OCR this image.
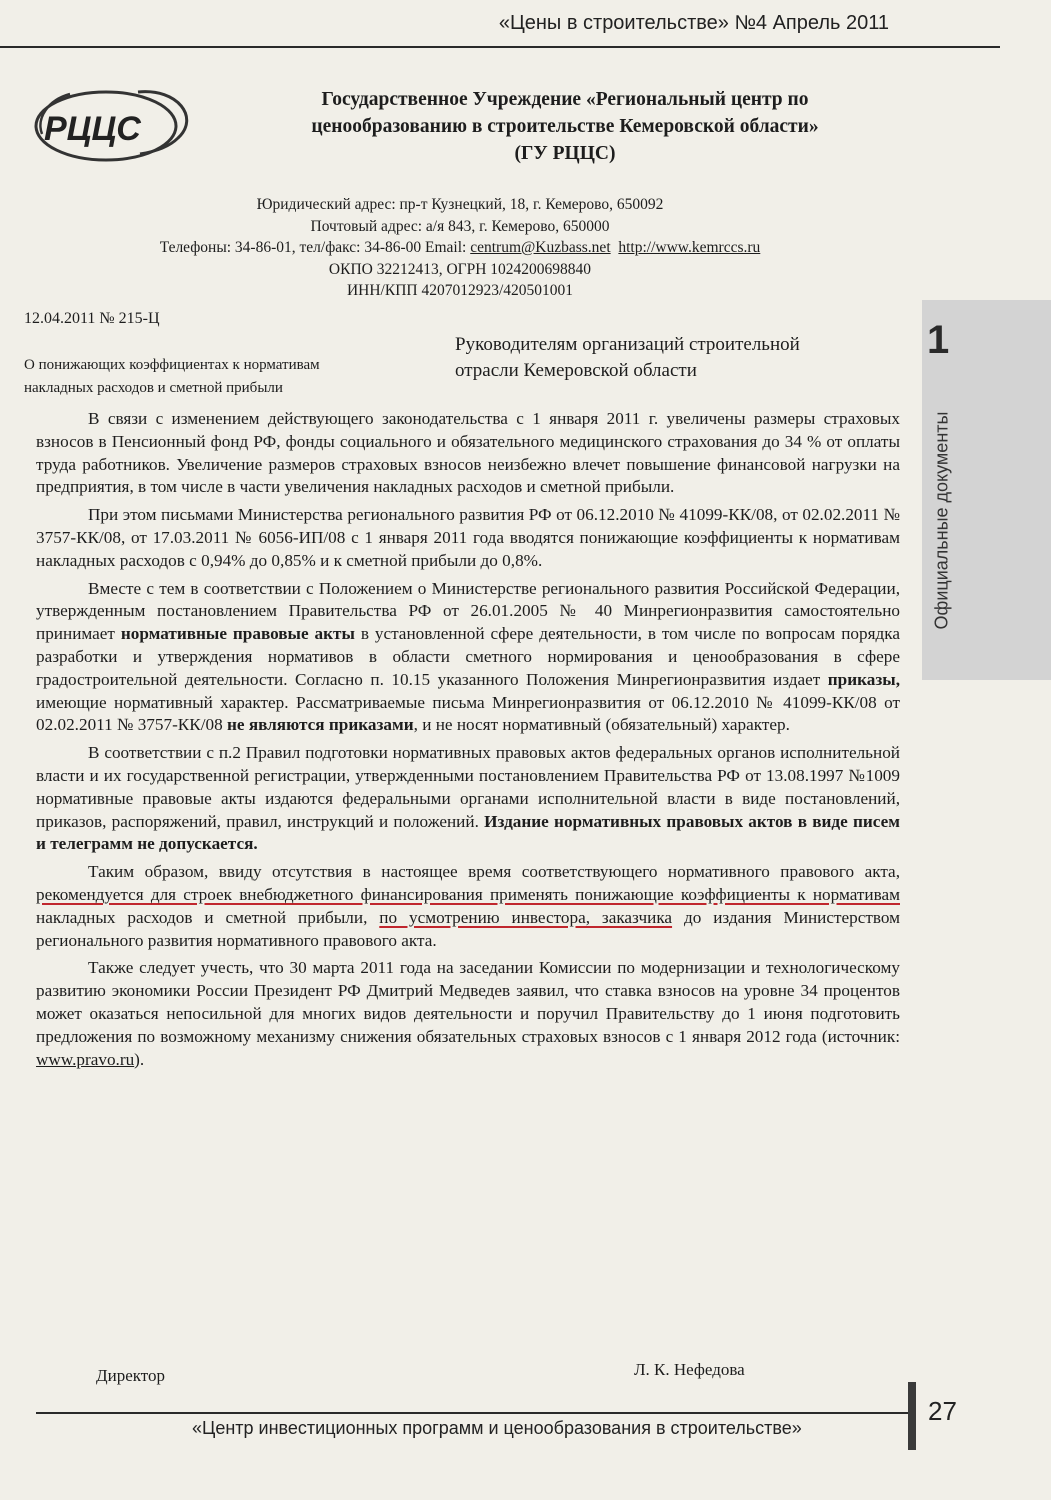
«Цены в строительстве» №4 Апрель 2011
РЦЦС
Государственное Учреждение «Региональный центр по
ценообразованию в строительстве Кемеровской области»
(ГУ РЦЦС)
Юридический адрес: пр-т Кузнецкий, 18, г. Кемерово, 650092
Почтовый адрес: а/я 843, г. Кемерово, 650000
Телефоны: 34-86-01, тел/факс: 34-86-00 Email: centrum@Kuzbass.net http://www.kemrccs.ru
ОКПО 32212413, ОГРН 1024200698840
ИНН/КПП 4207012923/420501001
12.04.2011 № 215-Ц
О понижающих коэффициентах к нормативам
накладных расходов и сметной прибыли
Руководителям организаций строительной
отрасли Кемеровской области
1
Официальные документы

В связи с изменением действующего законодательства с 1 января 2011 г. увеличены размеры страховых взносов в Пенсионный фонд РФ, фонды социального и обязательного медицинского страхования до 34 % от оплаты труда работников. Увеличение размеров страховых взносов неизбежно влечет повышение финансовой нагрузки на предприятия, в том числе в части увеличения накладных расходов и сметной прибыли.

При этом письмами Министерства регионального развития РФ от 06.12.2010 № 41099-КК/08, от 02.02.2011 № 3757-КК/08, от 17.03.2011 № 6056-ИП/08 с 1 января 2011 года вводятся понижающие коэффициенты к нормативам накладных расходов с 0,94% до 0,85% и к сметной прибыли до 0,8%.

Вместе с тем в соответствии с Положением о Министерстве регионального развития Российской Федерации, утвержденным постановлением Правительства РФ от 26.01.2005 № 40 Минрегионразвития самостоятельно принимает нормативные правовые акты в установленной сфере деятельности, в том числе по вопросам порядка разработки и утверждения нормативов в области сметного нормирования и ценообразования в сфере градостроительной деятельности. Согласно п. 10.15 указанного Положения Минрегионразвития издает приказы, имеющие нормативный характер. Рассматриваемые письма Минрегионразвития от 06.12.2010 № 41099-КК/08 от 02.02.2011 № 3757-КК/08 не являются приказами, и не носят нормативный (обязательный) характер.

В соответствии с п.2 Правил подготовки нормативных правовых актов федеральных органов исполнительной власти и их государственной регистрации, утвержденными постановлением Правительства РФ от 13.08.1997 №1009 нормативные правовые акты издаются федеральными органами исполнительной власти в виде постановлений, приказов, распоряжений, правил, инструкций и положений. Издание нормативных правовых актов в виде писем и телеграмм не допускается.

Таким образом, ввиду отсутствия в настоящее время соответствующего нормативного правового акта, рекомендуется для строек внебюджетного финансирования применять понижающие коэффициенты к нормативам накладных расходов и сметной прибыли, по усмотрению инвестора, заказчика до издания Министерством регионального развития нормативного правового акта.

Также следует учесть, что 30 марта 2011 года на заседании Комиссии по модернизации и технологическому развитию экономики России Президент РФ Дмитрий Медведев заявил, что ставка взносов на уровне 34 процентов может оказаться непосильной для многих видов деятельности и поручил Правительству до 1 июня подготовить предложения по возможному механизму снижения обязательных страховых взносов с 1 января 2012 года (источник: www.pravo.ru).

Директор	Л. К. Нефедова
«Центр инвестиционных программ и ценообразования в строительстве»
27
